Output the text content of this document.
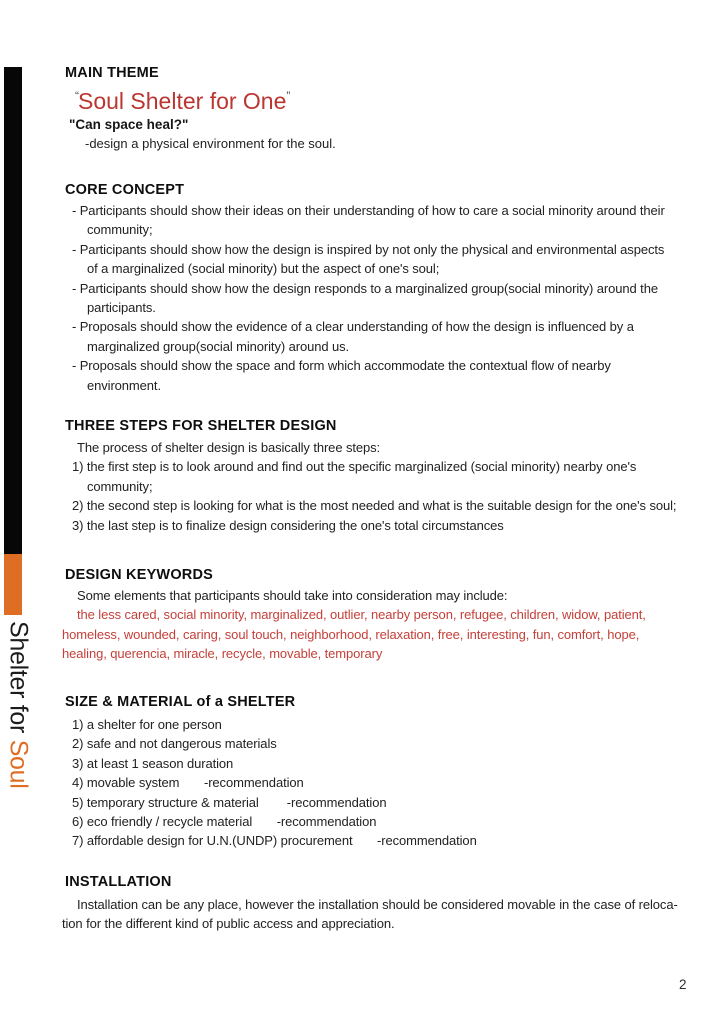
Shelter for Soul
MAIN THEME
“Soul Shelter for One”
"Can space heal?"
-design a physical environment for the soul.
CORE CONCEPT
- Participants should show their ideas on their understanding of how to care a social minority around their
community;
- Participants should show how the design is inspired by not only the physical and environmental aspects
of a marginalized (social minority) but the aspect of one's soul;
- Participants should show how the design responds to a marginalized group(social minority) around the
participants.
- Proposals should show the evidence of a clear understanding of how the design is influenced by a
marginalized group(social minority) around us.
- Proposals should show the space and form which accommodate the contextual flow of nearby
environment.
THREE STEPS FOR SHELTER DESIGN
The process of shelter design is basically three steps:
1) the first step is to look around and find out the specific marginalized (social minority) nearby one's
community;
2) the second step is looking for what is the most needed and what is the suitable design for the one's soul;
3) the last step is to finalize design considering the one's total circumstances
DESIGN KEYWORDS
Some elements that participants should take into consideration may include:
the less cared, social minority, marginalized, outlier, nearby person, refugee, children, widow, patient,
homeless, wounded, caring, soul touch, neighborhood, relaxation, free, interesting, fun, comfort, hope,
healing, querencia, miracle, recycle, movable, temporary
SIZE & MATERIAL of a SHELTER
1) a shelter for one person
2) safe and not dangerous materials
3) at least 1 season duration
4) movable system       -recommendation
5) temporary structure & material        -recommendation
6) eco friendly / recycle material       -recommendation
7) affordable design for U.N.(UNDP) procurement       -recommendation
INSTALLATION
Installation can be any place, however the installation should be considered movable in the case of reloca-
tion for the different kind of public access and appreciation.
2
